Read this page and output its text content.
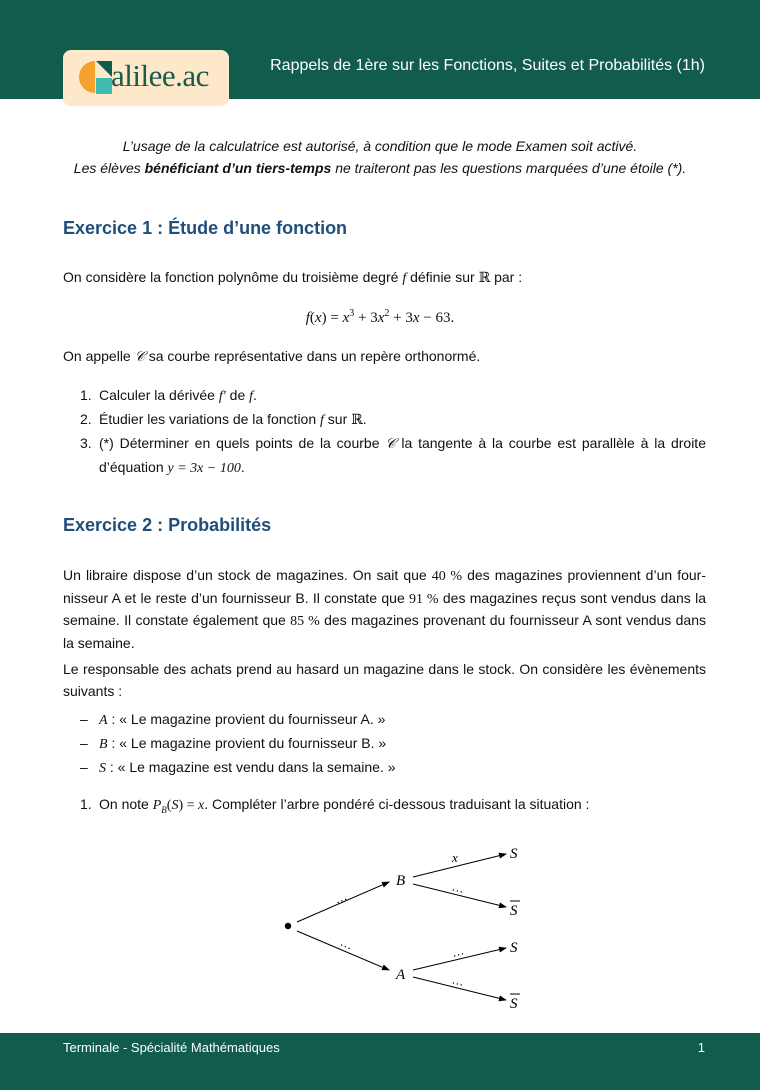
alilee.ac	Rappels de 1ère sur les Fonctions, Suites et Probabilités (1h)
L’usage de la calculatrice est autorisé, à condition que le mode Examen soit activé.
Les élèves bénéficiant d’un tiers-temps ne traiteront pas les questions marquées d’une étoile (*).
Exercice 1 : Étude d’une fonction
On considère la fonction polynôme du troisième degré f définie sur ℝ par :
$f(x) = x^3 + 3x^2 + 3x - 63$.
On appelle 𝒞 sa courbe représentative dans un repère orthonormé.
1. Calculer la dérivée f′ de f.
2. Étudier les variations de la fonction f sur ℝ.
3. (*) Déterminer en quels points de la courbe 𝒞 la tangente à la courbe est parallèle à la droite d’équation y = 3x − 100.
Exercice 2 : Probabilités
Un libraire dispose d’un stock de magazines. On sait que 40 % des magazines proviennent d’un four-nisseur A et le reste d’un fournisseur B. Il constate que 91 % des magazines reçus sont vendus dans la semaine. Il constate également que 85 % des magazines provenant du fournisseur A sont vendus dans la semaine.
Le responsable des achats prend au hasard un magazine dans le stock. On considère les évènements suivants :
– A : « Le magazine provient du fournisseur A. »
– B : « Le magazine provient du fournisseur B. »
– S : « Le magazine est vendu dans la semaine. »
1. On note $P_B(S) = x$. Compléter l’arbre pondéré ci-dessous traduisant la situation :
B
A
S
S
S
S
x
…
…
…
…
…
Terminale - Spécialité Mathématiques	1
